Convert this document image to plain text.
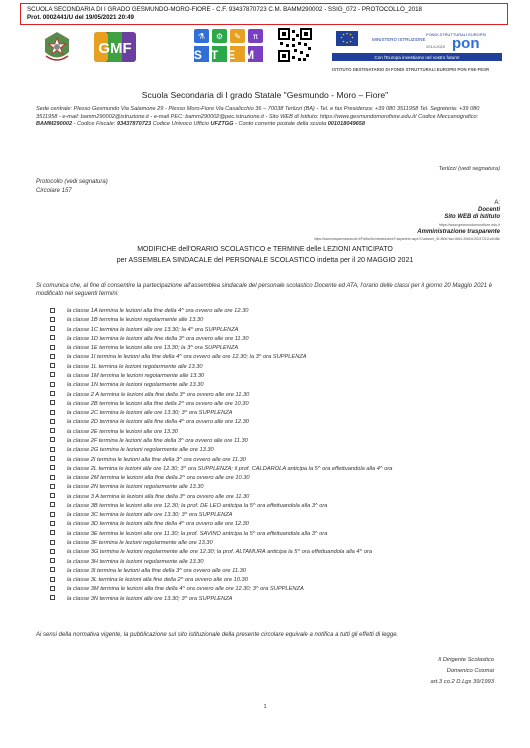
SCUOLA SECONDARIA DI I GRADO GESMUNDO-MORO-FIORE - C.F. 93437870723 C.M. BAMM290002 - SSIG_072 - PROTOCOLLO_2018
Prot. 0002441/U del 19/05/2021 20:49
GMF
⚗ ⚙ ✎ π
STEM
MINISTERO ISTRUZIONE
FONDI STRUTTURALI EUROPEI
pon
2014-2020
Con l'Europa investiamo nel vostro futuro!
ISTITUTO DESTINATARIO DI FONDI STRUTTURALI EUROPEI PON FSE-FESR
Scuola Secondaria di I grado Statale "Gesmundo - Moro – Fiore"
Sede centrale: Plesso Gesmundo Via Salamone 29 - Plesso Moro-Fiore Via Casalicchio 36 – 70038 Terlizzi (BA) - Tel. e fax Presidenza: +39 080 3511958 Tel. Segreteria: +39 080 3511958 - e-mail: bamm290002@istruzione.it - e-mail PEC: bamm290002@pec.istruzione.it - Sito WEB di Istituto: https://www.gesmundomorofiore.edu.it/ Codice Meccanografico: BAMM290002 - Codice Fiscale: 93437870723 Codice Univoco Ufficio UFZTGG - Conto corrente postale della scuola 001018049658
Terlizzi (vedi segnatura)
Protocollo (vedi segnatura)
Circolare 157
A:
Docenti
Sito WEB di Istituto
https://www.gesmundomorofiore.edu.it
Amministrazione trasparente
https://www.trasparenzascuole.it/Public/AmministrazioneTrasparente.aspx?Customer_ID=f80e7ace-8b61-49b5-b153-572111cd0d8c
MODIFICHE dell'ORARIO SCOLASTICO e TERMINE delle LEZIONI ANTICIPATO
per ASSEMBLEA SINDACALE del PERSONALE SCOLASTICO indetta per il 20 MAGGIO 2021
Si comunica che, al fine di consentire la partecipazione all'assemblea sindacale del personale scolastico Docente ed ATA, l'orario delle classi per il giorno 20 Maggio 2021 è modificato nei seguenti termini:
la classe 1A termina le lezioni alla fine della 4^ ora ovvero alle ore 12.30
la classe 1B termina le lezioni regolarmente alle 13.30
la classe 1C termina le lezioni alle ore 13.30; la 4^ ora SUPPLENZA
la classe 1D termina le lezioni alla fine della 3^ ora ovvero alle ore 11.30
la classe 1E termina le lezioni alle ore 13.30; la 3^ ora SUPPLENZA
la classe 1I termina le lezioni alla fine della 4^ ora ovvero alle ore 12.30; la 3^ ora SUPPLENZA
la classe 1L termina le lezioni regolarmente alle 13.30
la classe 1M termina le lezioni regolarmente alle 13.30
la classe 1N termina le lezioni regolarmente alle 13.30
la classe 2 A termina le lezioni alla fine della 3^ ora ovvero alle ore 11.30
la classe 2B termina le lezioni alla fine della 2^ ora ovvero alle ore 10.30
la classe 2C termina le lezioni alle ore 13.30; 3^ ora SUPPLENZA
la classe 2D termina le lezioni alla fine della 4^ ora ovvero alle ore 12.30
la classe 2E termina le lezioni alle ore 13.30
la classe 2F termina le lezioni alla fine della 3^ ora ovvero alle ore 11.30
la classe 2G termina le lezioni regolarmente alle ore 13.30
la classe 2I termina le lezioni alla fine della 3^ ora ovvero alle ore 11.30
la classe 2L termina le lezioni alle ore 12.30; 3^ ora SUPPLENZA; il prof. CALDAROLA anticipa la 5^ ora effettuandola alla 4^ ora
la classe 2M termina le lezioni alla fine della 2^ ora ovvero alle ore 10.30
la classe 2N termina le lezioni regolarmente alle 13.30
la classe 3 A termina le lezioni alla fine della 3^ ora ovvero alle ore 11.30
la classe 3B termina le lezioni alle ore 12.30; la prof. DE LEO anticipa la 5^ ora effettuandola alla 3^ ora
la classe 3C termina le lezioni alle ore 13.30; 3^ ora SUPPLENZA
la classe 3D termina le lezioni alla fine della 4^ ora ovvero alle ore 12.30
la classe 3E termina le lezioni alle ore 11.30; la prof. SAVINO anticipa la 5^ ora effettuandola alla 3^ ora
la classe 3F termina le lezioni regolarmente alle ore 13.30
la classe 3G termina le lezioni regolarmente alle ore 12.30; la prof. ALTAMURA anticipa la 5^ ora effettuandola alla 4^ ora
la classe 3H termina le lezioni regolarmente alle 13.30
la classe 3I termina le lezioni alla fine della 3^ ora ovvero alle ore 11.30
la classe 3L termina le lezioni alla fine della 2^ ora ovvero alle ore 10.30
la classe 3M termina le lezioni alla fine della 4^ ora ovvero alle ore 12.30; 3^ ora SUPPLENZA
la classe 3N termina le lezioni alle ore 13.30; 3^ ora SUPPLENZA
Ai sensi della normativa vigente, la pubblicazione sul sito istituzionale della presente circolare equivale a notifica a tutti gli effetti di legge.
Il Dirigente Scolastico
Domenico Cosmai
art.3 co.2 D.Lgs 39/1993
1
